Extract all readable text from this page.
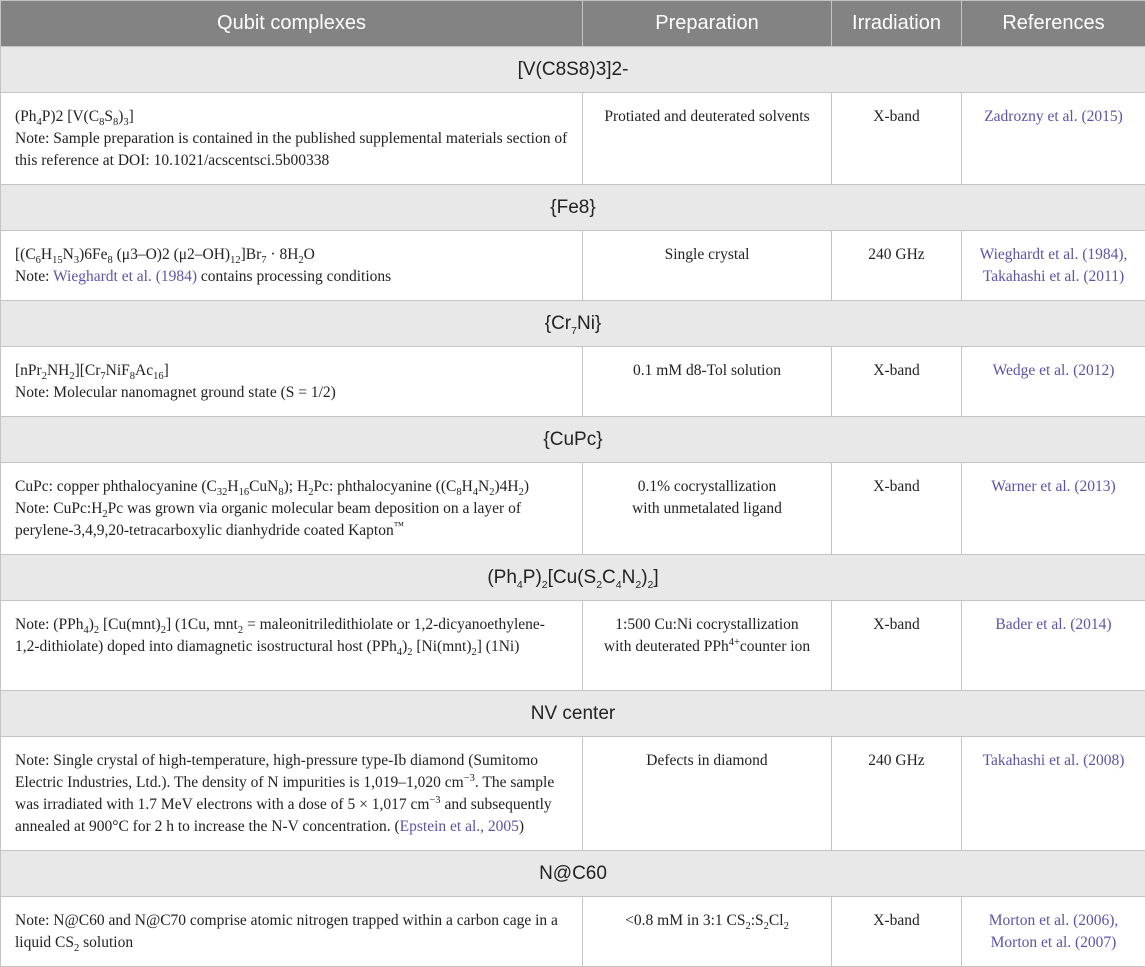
Qubit complexes	Preparation	Irradiation	References
[V(C8S8)3]2-			

$(Ph_4P)2$ $[V(C_8S_8)_3]$
Note: Sample preparation is contained in the published supplemental materials section of this reference at DOI: 10.1021/acscentsci.5b00338	Protiated and deuterated solvents	X-band	Zadrozny et al. (2015)

{Fe8}			

[$(C_6H_{15}N_3)6Fe_8$ (μ3–O)2 $(\mu 2-OH)_{12}]Br_7 \cdot 8H_2O$
Note: Wieghardt et al. (1984) contains processing conditions	Single crystal	240 GHz	Wieghardt et al. (1984),
Takahashi et al. (2011)

$\{Cr_7Ni\}$			

$[nPr_2NH_2][Cr_7NiF_8Ac_{16}]$
Note: Molecular nanomagnet ground state (S = 1/2)	0.1 mM d8-Tol solution	X-band	Wedge et al. (2012)

{CuPc}			

CuPc: copper phthalocyanine $(C_{32}H_{16}CuN_8)$; $H_2Pc$: phthalocyanine $((C_8H_4N_2)4H_2)$
Note: $CuPc:H_2Pc$ was grown via organic molecular beam deposition on a layer of perylene-3,4,9,20-tetracarboxylic dianhydride coated Kapton™	0.1% cocrystallization
with unmetalated ligand	X-band	Warner et al. (2013)

$(Ph_4P)_2[Cu(S_2C_4N_2)_2]$			

Note: $(PPh_4)_2$ $[Cu(mnt)_2]$ (1Cu, mnt$_2$ = maleonitriledithiolate or 1,2-dicyanoethylene-1,2-dithiolate) doped into diamagnetic isostructural host $(PPh_4)_2$ $[Ni(mnt)_2]$ (1Ni)	1:500 Cu:Ni cocrystallization
with deuterated PPh$^{4+}$counter ion	X-band	Bader et al. (2014)

NV center			

Note: Single crystal of high-temperature, high-pressure type-Ib diamond (Sumitomo Electric Industries, Ltd.). The density of N impurities is 1,019–1,020 $cm^{-3}$. The sample was irradiated with 1.7 MeV electrons with a dose of 5 × 1,017 $cm^{-3}$ and subsequently annealed at 900°C for 2 h to increase the N-V concentration. (Epstein et al., 2005)	Defects in diamond	240 GHz	Takahashi et al. (2008)

N@C60			

Note: N@C60 and N@C70 comprise atomic nitrogen trapped within a carbon cage in a liquid $CS_2$ solution	<0.8 mM in 3:1 $CS_2:S_2Cl_2$	X-band	Morton et al. (2006),
Morton et al. (2007)
